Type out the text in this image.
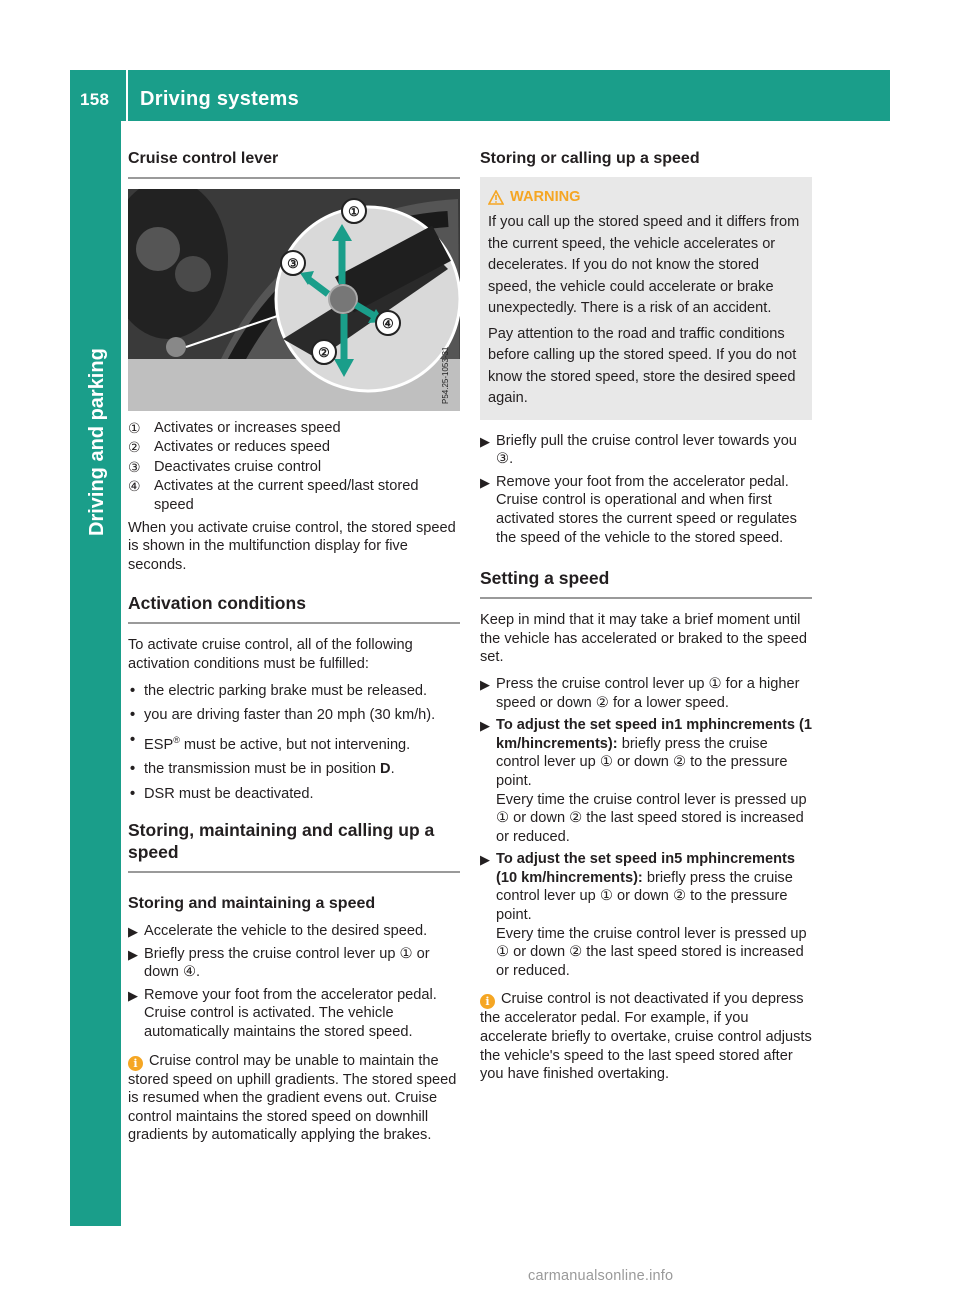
158 Driving systems
Driving and parking
Cruise control lever
①
③
④
②	P54.25-1053-31
① Activates or increases speed
② Activates or reduces speed
③ Deactivates cruise control
④ Activates at the current speed/last stored speed

When you activate cruise control, the stored speed is shown in the multifunction display for five seconds.

Activation conditions

To activate cruise control, all of the following activation conditions must be fulfilled:

• the electric parking brake must be released.
• you are driving faster than 20 mph (30 km/h).
• ESP® must be active, but not intervening.
• the transmission must be in position D.
• DSR must be deactivated.
Storing, maintaining and calling up a speed
Storing and maintaining a speed
▶ Accelerate the vehicle to the desired speed.
▶ Briefly press the cruise control lever up ① or down ④.
▶ Remove your foot from the accelerator pedal.
Cruise control is activated. The vehicle automatically maintains the stored speed.
i Cruise control may be unable to maintain the stored speed on uphill gradients. The stored speed is resumed when the gradient evens out. Cruise control maintains the stored speed on downhill gradients by automatically applying the brakes.
Storing or calling up a speed
WARNING

If you call up the stored speed and it differs from the current speed, the vehicle accelerates or decelerates. If you do not know the stored speed, the vehicle could accelerate or brake unexpectedly. There is a risk of an accident.

Pay attention to the road and traffic conditions before calling up the stored speed. If you do not know the stored speed, store the desired speed again.

▶ Briefly pull the cruise control lever towards you ③.
▶ Remove your foot from the accelerator pedal.
Cruise control is operational and when first activated stores the current speed or regulates the speed of the vehicle to the stored speed.
Setting a speed

Keep in mind that it may take a brief moment until the vehicle has accelerated or braked to the speed set.

▶ Press the cruise control lever up ① for a higher speed or down ② for a lower speed.
▶ To adjust the set speed in1 mphincrements (1 km/hincrements): briefly press the cruise control lever up ① or down ② to the pressure point.
Every time the cruise control lever is pressed up ① or down ② the last speed stored is increased or reduced.
▶ To adjust the set speed in5 mphincrements (10 km/hincrements): briefly press the cruise control lever up ① or down ② to the pressure point.
Every time the cruise control lever is pressed up ① or down ② the last speed stored is increased or reduced.
i Cruise control is not deactivated if you depress the accelerator pedal. For example, if you accelerate briefly to overtake, cruise control adjusts the vehicle's speed to the last speed stored after you have finished overtaking.
carmanualsonline.info
